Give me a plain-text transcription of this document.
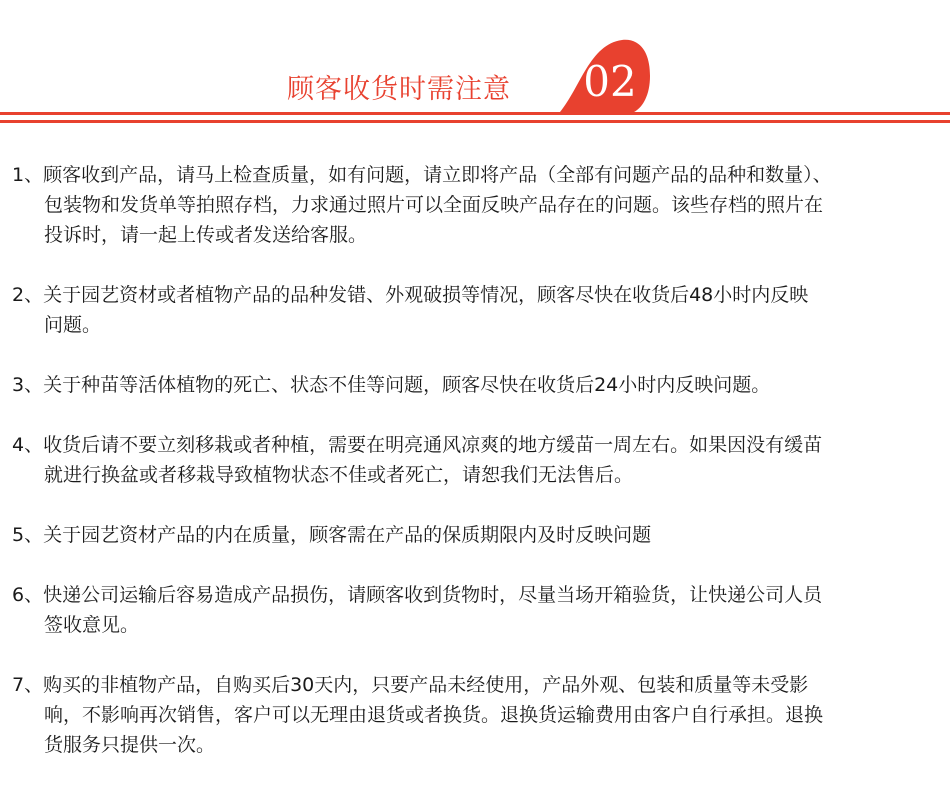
顾客收货时需注意 02
1、顾客收到产品，请马上检查质量，如有问题，请立即将产品（全部有问题产品的品种和数量）、
包装物和发货单等拍照存档，力求通过照片可以全面反映产品存在的问题。该些存档的照片在
投诉时，请一起上传或者发送给客服。
2、关于园艺资材或者植物产品的品种发错、外观破损等情况，顾客尽快在收货后48小时内反映
问题。
3、关于种苗等活体植物的死亡、状态不佳等问题，顾客尽快在收货后24小时内反映问题。
4、收货后请不要立刻移栽或者种植，需要在明亮通风凉爽的地方缓苗一周左右。如果因没有缓苗
就进行换盆或者移栽导致植物状态不佳或者死亡，请恕我们无法售后。
5、关于园艺资材产品的内在质量，顾客需在产品的保质期限内及时反映问题
6、快递公司运输后容易造成产品损伤，请顾客收到货物时，尽量当场开箱验货，让快递公司人员
签收意见。
7、购买的非植物产品，自购买后30天内，只要产品未经使用，产品外观、包装和质量等未受影
响，不影响再次销售，客户可以无理由退货或者换货。退换货运输费用由客户自行承担。退换
货服务只提供一次。
